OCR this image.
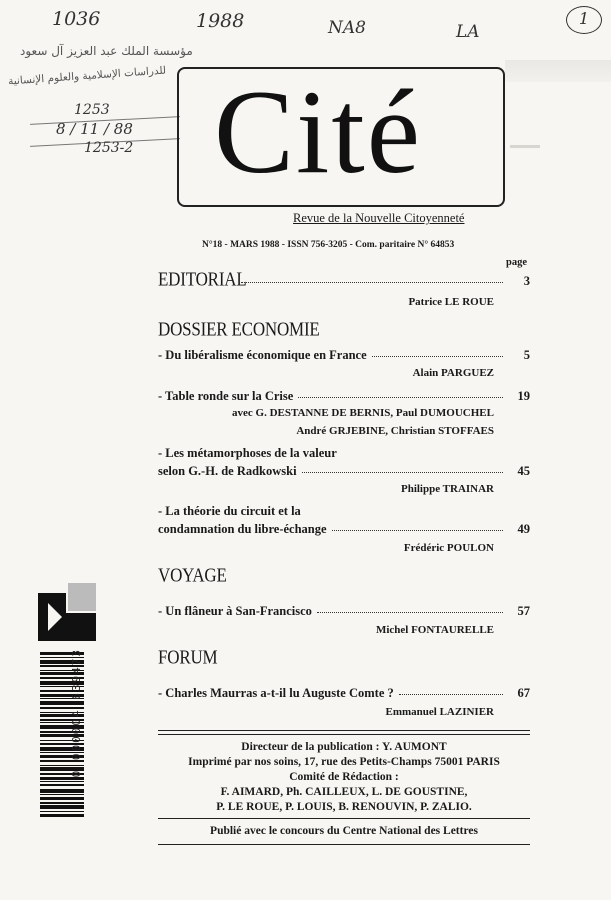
1036	1988	NA8	LA
1
مؤسسة الملك عبد العزيز آل سعود
للدراسات الإسلامية والعلوم الإنسانية
1253
8 / 11 / 88
1253-2 Cité
Revue de la Nouvelle Citoyenneté
N°18 - MARS 1988 - ISSN 756-3205 - Com. paritaire N° 64853
page
EDITORIAL	3
Patrice LE ROUE
DOSSIER ECONOMIE
- Du libéralisme économique en France	5
Alain PARGUEZ
- Table ronde sur la Crise	19
avec G. DESTANNE DE BERNIS, Paul DUMOUCHEL
André GRJEBINE, Christian STOFFAES
- Les métamorphoses de la valeur
selon G.-H. de Radkowski	45
Philippe TRAINAR
- La théorie du circuit et la
condamnation du libre-échange	49
Frédéric POULON
VOYAGE
- Un flâneur à San-Francisco	57
Michel FONTAURELLE
FORUM
- Charles Maurras a-t-il lu Auguste Comte ?	67
Emmanuel LAZINIER
Directeur de la publication : Y. AUMONT
Imprimé par nos soins, 17, rue des Petits-Champs 75001 PARIS
Comité de Rédaction :
F. AIMARD, Ph. CAILLEUX, L. DE GOUSTINE,
P. LE ROUE, P. LOUIS, B. RENOUVIN, P. ZALIO.
Publié avec le concours du Centre National des Lettres
▬▬▬
0 000004 639473
